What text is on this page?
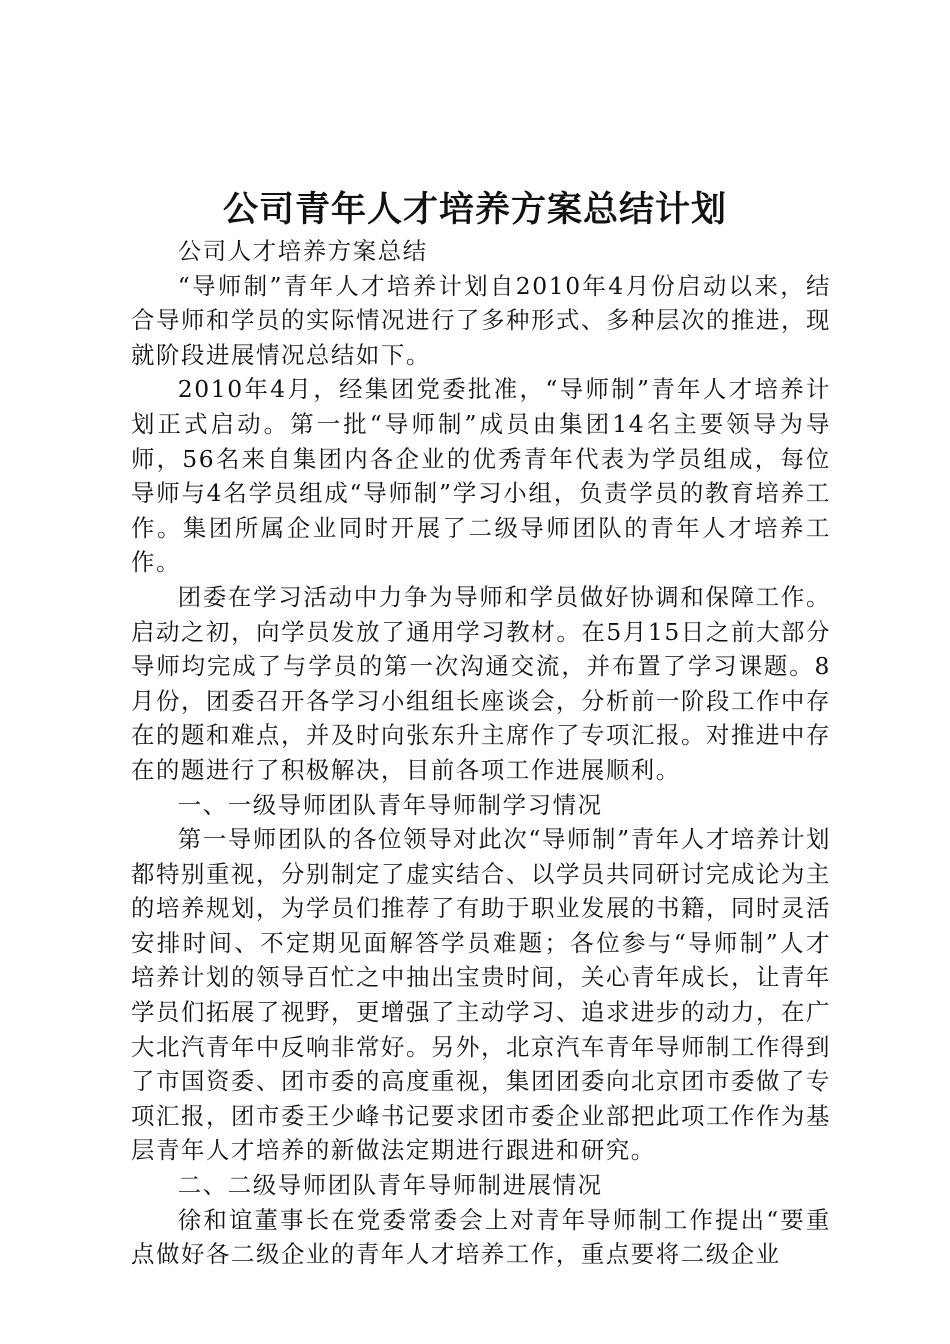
公司青年人才培养方案总结计划

公司人才培养方案总结

“导师制”青年人才培养计划自2010年4月份启动以来，结合导师和学员的实际情况进行了多种形式、多种层次的推进，现就阶段进展情况总结如下。

2010年4月，经集团党委批准，“导师制”青年人才培养计划正式启动。第一批“导师制”成员由集团14名主要领导为导师，56名来自集团内各企业的优秀青年代表为学员组成，每位导师与4名学员组成“导师制”学习小组，负责学员的教育培养工作。集团所属企业同时开展了二级导师团队的青年人才培养工作。

团委在学习活动中力争为导师和学员做好协调和保障工作。启动之初，向学员发放了通用学习教材。在5月15日之前大部分导师均完成了与学员的第一次沟通交流，并布置了学习课题。8月份，团委召开各学习小组组长座谈会，分析前一阶段工作中存在的题和难点，并及时向张东升主席作了专项汇报。对推进中存在的题进行了积极解决，目前各项工作进展顺利。

一、一级导师团队青年导师制学习情况

第一导师团队的各位领导对此次“导师制”青年人才培养计划都特别重视，分别制定了虚实结合、以学员共同研讨完成论为主的培养规划，为学员们推荐了有助于职业发展的书籍，同时灵活安排时间、不定期见面解答学员难题；各位参与“导师制”人才培养计划的领导百忙之中抽出宝贵时间，关心青年成长，让青年学员们拓展了视野，更增强了主动学习、追求进步的动力，在广大北汽青年中反响非常好。另外，北京汽车青年导师制工作得到了市国资委、团市委的高度重视，集团团委向北京团市委做了专项汇报，团市委王少峰书记要求团市委企业部把此项工作作为基层青年人才培养的新做法定期进行跟进和研究。

二、二级导师团队青年导师制进展情况

徐和谊董事长在党委常委会上对青年导师制工作提出“要重点做好各二级企业的青年人才培养工作，重点要将二级企业
